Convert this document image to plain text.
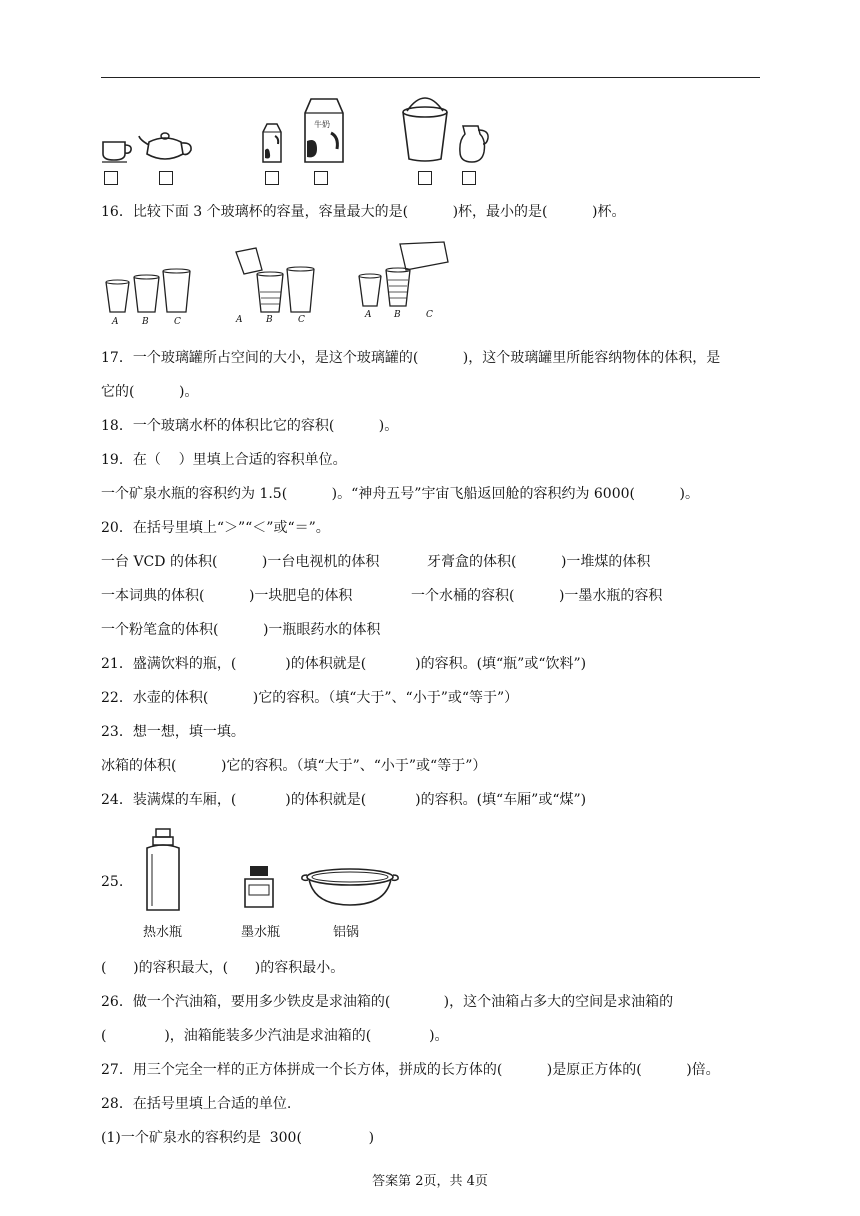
牛奶
16．比较下面 3 个玻璃杯的容量，容量最大的是(          )杯，最小的是(          )杯。
A	B	C	A	B	C	A	B	C
17．一个玻璃罐所占空间的大小，是这个玻璃罐的(          )，这个玻璃罐里所能容纳物体的体积，是
它的(          )。
18．一个玻璃水杯的体积比它的容积(          )。
19．在（    ）里填上合适的容积单位。
一个矿泉水瓶的容积约为 1.5(          )。“神舟五号”宇宙飞船返回舱的容积约为 6000(          )。
20．在括号里填上“＞”“＜”或“＝”。
一台 VCD 的体积(          )一台电视机的体积	牙膏盒的体积(          )一堆煤的体积
一本词典的体积(          )一块肥皂的体积	一个水桶的容积(          )一墨水瓶的容积
一个粉笔盒的体积(          )一瓶眼药水的体积
21．盛满饮料的瓶，(           )的体积就是(           )的容积。(填“瓶”或“饮料”)
22．水壶的体积(          )它的容积。（填“大于”、“小于”或“等于”）
23．想一想，填一填。
冰箱的体积(          )它的容积。（填“大于”、“小于”或“等于”）
24．装满煤的车厢，(           )的体积就是(           )的容积。(填“车厢”或“煤”)
25.
热水瓶	墨水瓶	铝锅
(      )的容积最大，(      )的容积最小。
26．做一个汽油箱，要用多少铁皮是求油箱的(            )，这个油箱占多大的空间是求油箱的
(             )，油箱能装多少汽油是求油箱的(             )。
27．用三个完全一样的正方体拼成一个长方体，拼成的长方体的(          )是原正方体的(          )倍。
28．在括号里填上合适的单位.
(1)一个矿泉水的容积约是  300(               )
答案第 2页，共 4页
